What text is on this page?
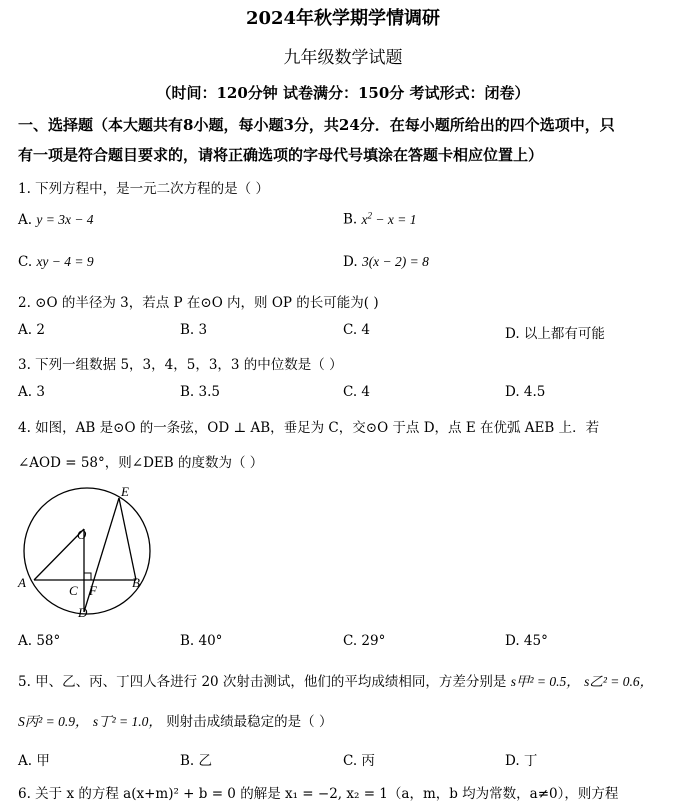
2024年秋学期学情调研
九年级数学试题
（时间：120分钟 试卷满分：150分 考试形式：闭卷）
一、选择题（本大题共有8小题，每小题3分，共24分．在每小题所给出的四个选项中，只
有一项是符合题目要求的，请将正确选项的字母代号填涂在答题卡相应位置上）
1. 下列方程中，是一元二次方程的是（ ）
A. y = 3x − 4	B. $x^2 - x = 1$
C. xy − 4 = 9	D. 3(x − 2) = 8
2. ⊙O 的半径为 3，若点 P 在⊙O 内，则 OP 的长可能为( )
A. 2	B. 3	C. 4	D. 以上都有可能
3. 下列一组数据 5，3，4，5，3，3 的中位数是（ ）
A. 3	B. 3.5	C. 4	D. 4.5
4. 如图，AB 是⊙O 的一条弦，OD ⊥ AB，垂足为 C，交⊙O 于点 D，点 E 在优弧 AEB 上．若
∠AOD = 58°，则∠DEB 的度数为（ ）
E
O
A	B
C F
D
A. 58°	B. 40°	C. 29°	D. 45°
5. 甲、乙、丙、丁四人各进行 20 次射击测试，他们的平均成绩相同，方差分别是 s甲² = 0.5， s乙² = 0.6，
S丙² = 0.9， s丁² = 1.0， 则射击成绩最稳定的是（ ）
A. 甲	B. 乙	C. 丙	D. 丁
6. 关于 x 的方程 a(x+m)² + b = 0 的解是 x₁ = −2, x₂ = 1（a，m，b 均为常数，a≠0），则方程
